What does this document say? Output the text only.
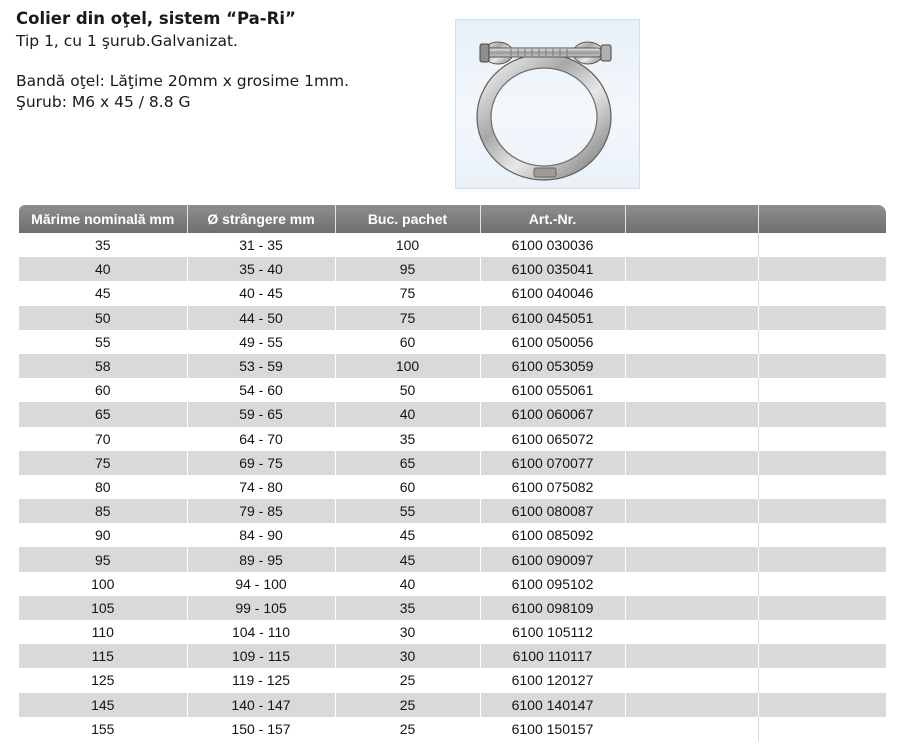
Colier din oţel, sistem “Pa-Ri”
Tip 1, cu 1 şurub.Galvanizat.
Bandă oţel: Lăţime 20mm x grosime 1mm.
Şurub: M6 x 45 / 8.8 G
Mărime nominală mm	Ø strângere mm	Buc. pachet	Art.-Nr.		
35	31 - 35	100	6100 030036		
40	35 - 40	95	6100 035041		
45	40 - 45	75	6100 040046		
50	44 - 50	75	6100 045051		
55	49 - 55	60	6100 050056		
58	53 - 59	100	6100 053059		
60	54 - 60	50	6100 055061		
65	59 - 65	40	6100 060067		
70	64 - 70	35	6100 065072		
75	69 - 75	65	6100 070077		
80	74 - 80	60	6100 075082		
85	79 - 85	55	6100 080087		
90	84 - 90	45	6100 085092		
95	89 - 95	45	6100 090097		
100	94 - 100	40	6100 095102		
105	99 - 105	35	6100 098109		
110	104 - 110	30	6100 105112		
115	109 - 115	30	6100 110117		
125	119 - 125	25	6100 120127		
145	140 - 147	25	6100 140147		
155	150 - 157	25	6100 150157		
